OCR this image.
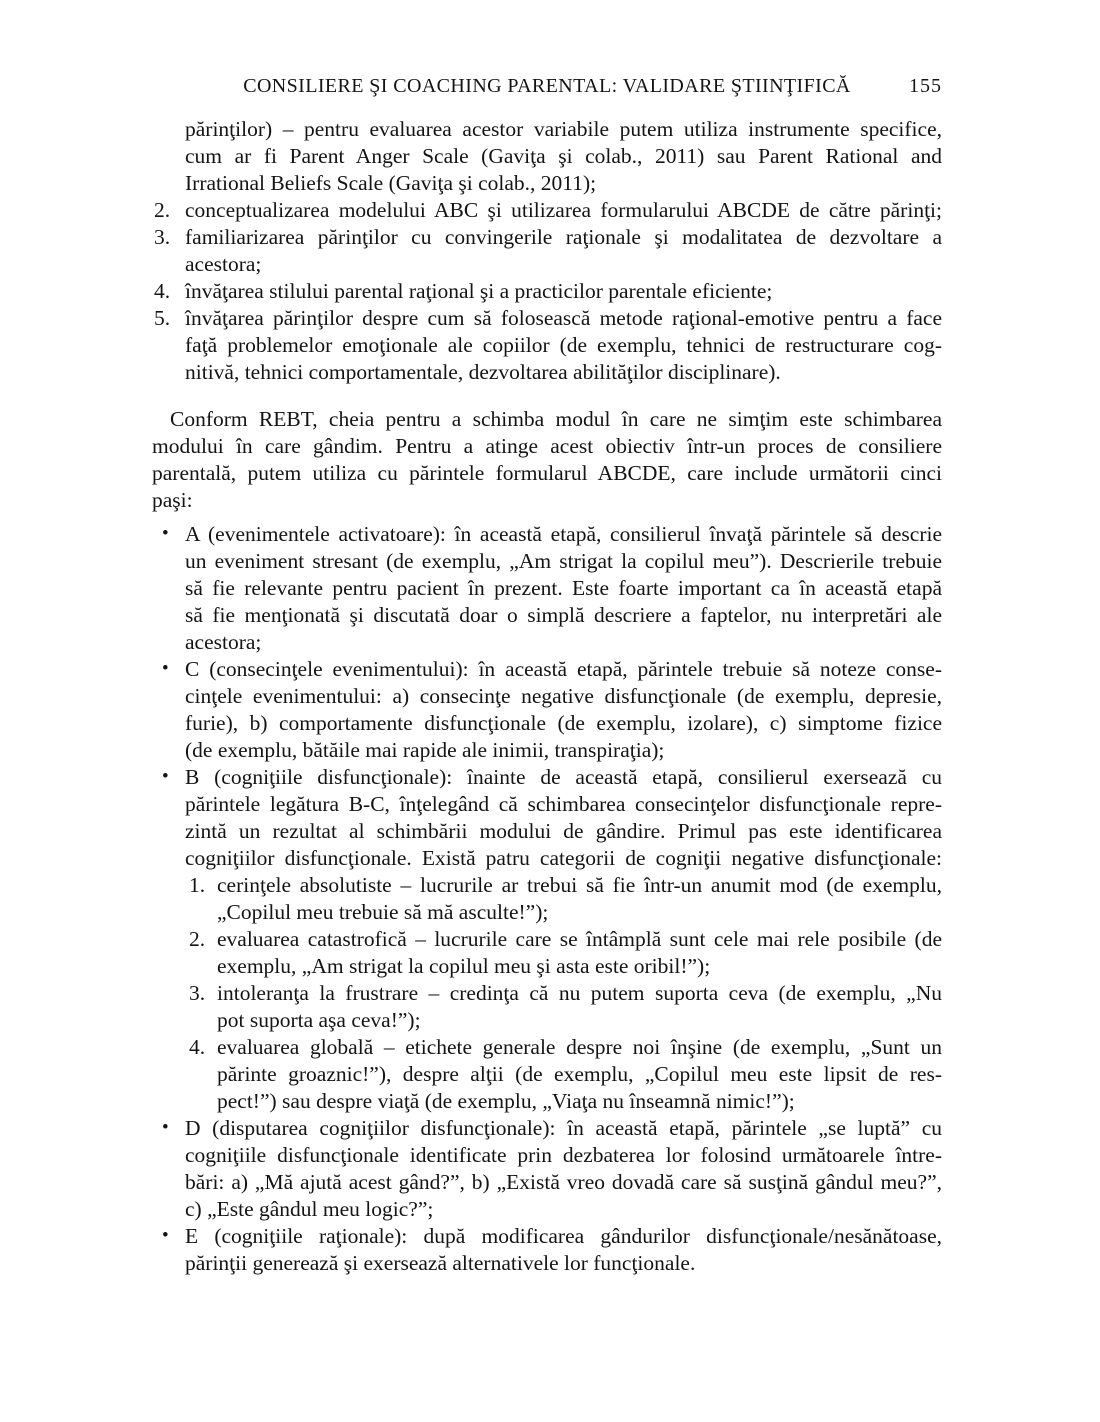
CONSILIERE ŞI COACHING PARENTAL: VALIDARE ŞTIINŢIFICĂ	155
părinţilor) – pentru evaluarea acestor variabile putem utiliza instrumente specifice,
cum ar fi Parent Anger Scale (Gaviţa şi colab., 2011) sau Parent Rational and
Irrational Beliefs Scale (Gaviţa şi colab., 2011);
2. conceptualizarea modelului ABC şi utilizarea formularului ABCDE de către părinţi;
3. familiarizarea părinţilor cu convingerile raţionale şi modalitatea de dezvoltare a
acestora;
4. învăţarea stilului parental raţional şi a practicilor parentale eficiente;
5. învăţarea părinţilor despre cum să folosească metode raţional-emotive pentru a face
faţă problemelor emoţionale ale copiilor (de exemplu, tehnici de restructurare cog-
nitivă, tehnici comportamentale, dezvoltarea abilităţilor disciplinare).
Conform REBT, cheia pentru a schimba modul în care ne simţim este schimbarea
modului în care gândim. Pentru a atinge acest obiectiv într-un proces de consiliere
parentală, putem utiliza cu părintele formularul ABCDE, care include următorii cinci
paşi:
• A (evenimentele activatoare): în această etapă, consilierul învaţă părintele să descrie
un eveniment stresant (de exemplu, „Am strigat la copilul meu”). Descrierile trebuie
să fie relevante pentru pacient în prezent. Este foarte important ca în această etapă
să fie menţionată şi discutată doar o simplă descriere a faptelor, nu interpretări ale
acestora;
• C (consecinţele evenimentului): în această etapă, părintele trebuie să noteze conse-
cinţele evenimentului: a) consecinţe negative disfuncţionale (de exemplu, depresie,
furie), b) comportamente disfuncţionale (de exemplu, izolare), c) simptome fizice
(de exemplu, bătăile mai rapide ale inimii, transpiraţia);
• B (cogniţiile disfuncţionale): înainte de această etapă, consilierul exersează cu
părintele legătura B-C, înţelegând că schimbarea consecinţelor disfuncţionale repre-
zintă un rezultat al schimbării modului de gândire. Primul pas este identificarea
cogniţiilor disfuncţionale. Există patru categorii de cogniţii negative disfuncţionale:
1. cerinţele absolutiste – lucrurile ar trebui să fie într-un anumit mod (de exemplu,
„Copilul meu trebuie să mă asculte!”);
2. evaluarea catastrofică – lucrurile care se întâmplă sunt cele mai rele posibile (de
exemplu, „Am strigat la copilul meu şi asta este oribil!”);
3. intoleranţa la frustrare – credinţa că nu putem suporta ceva (de exemplu, „Nu
pot suporta aşa ceva!”);
4. evaluarea globală – etichete generale despre noi înşine (de exemplu, „Sunt un
părinte groaznic!”), despre alţii (de exemplu, „Copilul meu este lipsit de res-
pect!”) sau despre viaţă (de exemplu, „Viaţa nu înseamnă nimic!”);
• D (disputarea cogniţiilor disfuncţionale): în această etapă, părintele „se luptă” cu
cogniţiile disfuncţionale identificate prin dezbaterea lor folosind următoarele între-
bări: a) „Mă ajută acest gând?”, b) „Există vreo dovadă care să susţină gândul meu?”,
c) „Este gândul meu logic?”;
• E (cogniţiile raţionale): după modificarea gândurilor disfuncţionale/nesănătoase,
părinţii generează şi exersează alternativele lor funcţionale.
